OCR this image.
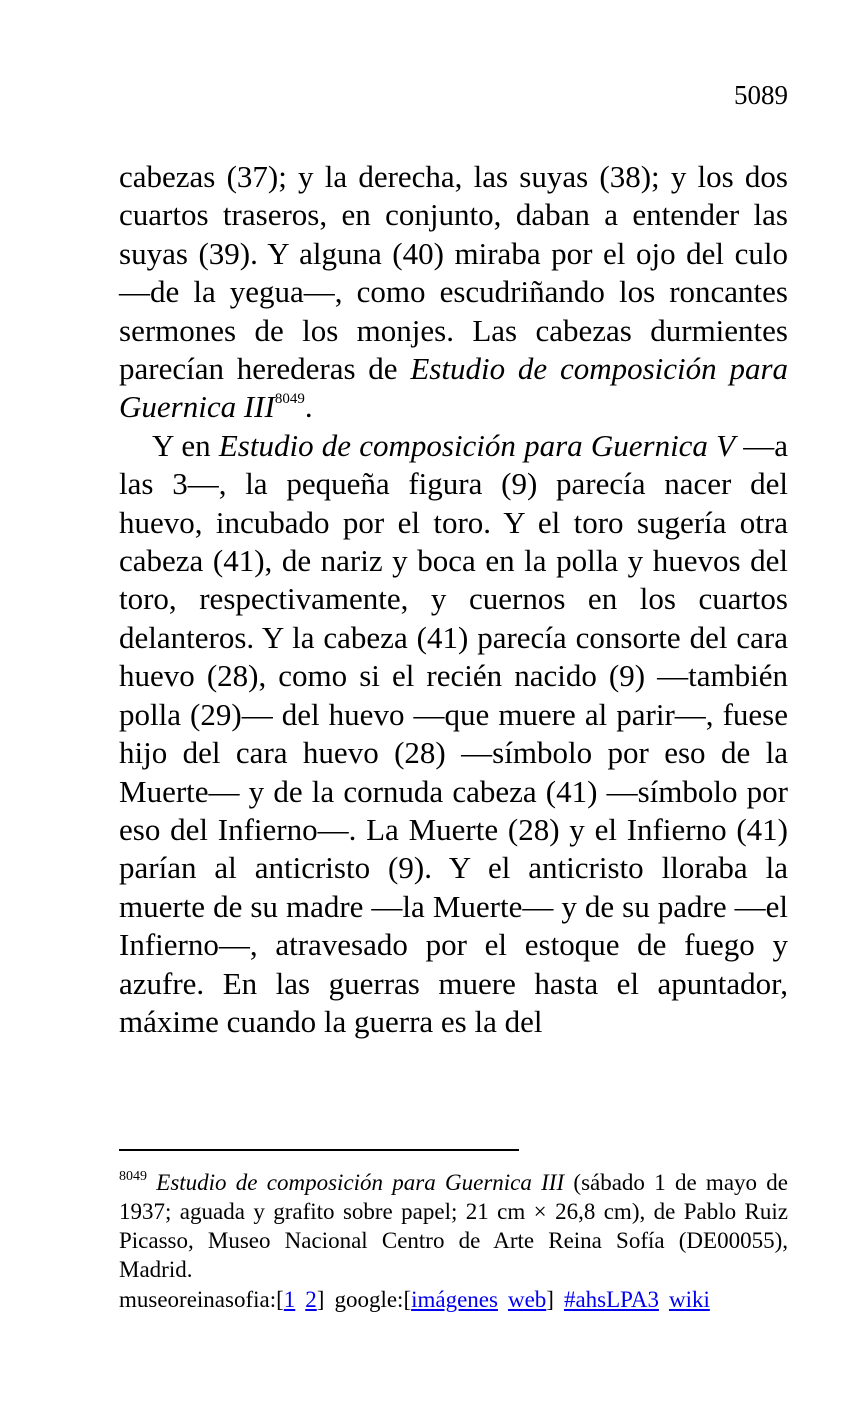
5089

cabezas (37); y la derecha, las suyas (38); y los dos cuartos traseros, en conjunto, daban a entender las suyas (39). Y alguna (40) miraba por el ojo del culo —de la yegua—, como escudriñando los roncantes sermones de los monjes. Las cabezas durmientes parecían herederas de Estudio de composición para Guernica III$^{8049}$.

Y en Estudio de composición para Guernica V —a las 3—, la pequeña figura (9) parecía nacer del huevo, incubado por el toro. Y el toro sugería otra cabeza (41), de nariz y boca en la polla y huevos del toro, respectivamente, y cuernos en los cuartos delanteros. Y la cabeza (41) parecía consorte del cara huevo (28), como si el recién nacido (9) —también polla (29)— del huevo —que muere al parir—, fuese hijo del cara huevo (28) —símbolo por eso de la Muerte— y de la cornuda cabeza (41) —símbolo por eso del Infierno—. La Muerte (28) y el Infierno (41) parían al anticristo (9). Y el anticristo lloraba la muerte de su madre —la Muerte— y de su padre —el Infierno—, atravesado por el estoque de fuego y azufre. En las guerras muere hasta el apuntador, máxime cuando la guerra es la del

$^{8049}$ Estudio de composición para Guernica III (sábado 1 de mayo de 1937; aguada y grafito sobre papel; 21 cm × 26,8 cm), de Pablo Ruiz Picasso, Museo Nacional Centro de Arte Reina Sofía (DE00055), Madrid.

museoreinasofia:[1 2] google:[imágenes web] #ahsLPA3 wiki
